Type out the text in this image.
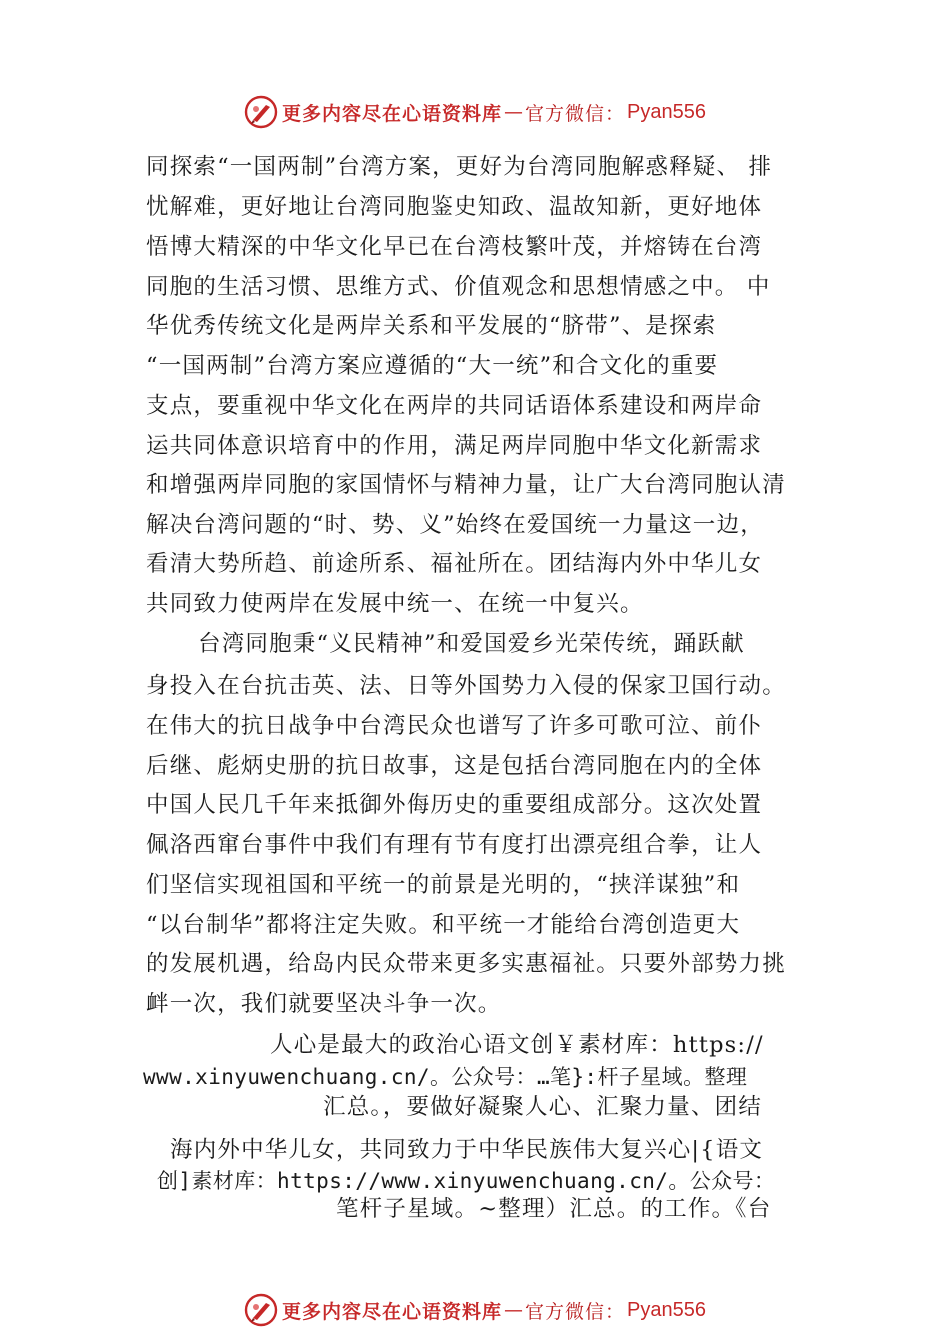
更多内容尽在心语资料库 — 官方微信： Pyan556
同探索“一国两制”台湾方案，更好为台湾同胞解惑释疑、 排
忧解难，更好地让台湾同胞鉴史知政、温故知新，更好地体
悟博大精深的中华文化早已在台湾枝繁叶茂，并熔铸在台湾
同胞的生活习惯、思维方式、价值观念和思想情感之中。 中
华优秀传统文化是两岸关系和平发展的“脐带”、是探索
“一国两制”台湾方案应遵循的“大一统”和合文化的重要
支点，要重视中华文化在两岸的共同话语体系建设和两岸命
运共同体意识培育中的作用，满足两岸同胞中华文化新需求
和增强两岸同胞的家国情怀与精神力量，让广大台湾同胞认清
解决台湾问题的“时、势、义”始终在爱国统一力量这一边，
看清大势所趋、前途所系、福祉所在。团结海内外中华儿女
共同致力使两岸在发展中统一、在统一中复兴。
台湾同胞秉“义民精神”和爱国爱乡光荣传统，踊跃献
身投入在台抗击英、法、日等外国势力入侵的保家卫国行动。
在伟大的抗日战争中台湾民众也谱写了许多可歌可泣、前仆
后继、彪炳史册的抗日故事，这是包括台湾同胞在内的全体
中国人民几千年来抵御外侮历史的重要组成部分。这次处置
佩洛西窜台事件中我们有理有节有度打出漂亮组合拳，让人
们坚信实现祖国和平统一的前景是光明的，“挟洋谋独”和
“以台制华”都将注定失败。和平统一才能给台湾创造更大
的发展机遇，给岛内民众带来更多实惠福祉。只要外部势力挑
衅一次，我们就要坚决斗争一次。
人心是最大的政治心语文创￥素材库：https://
www.xinyuwenchuang.cn/。公众号：…笔}:杆子星域。整理
汇总。，要做好凝聚人心、汇聚力量、团结
海内外中华儿女，共同致力于中华民族伟大复兴心|{语文
创]素材库：https://www.xinyuwenchuang.cn/。公众号：
笔杆子星域。~整理）汇总。的工作。《台
更多内容尽在心语资料库 — 官方微信： Pyan556
